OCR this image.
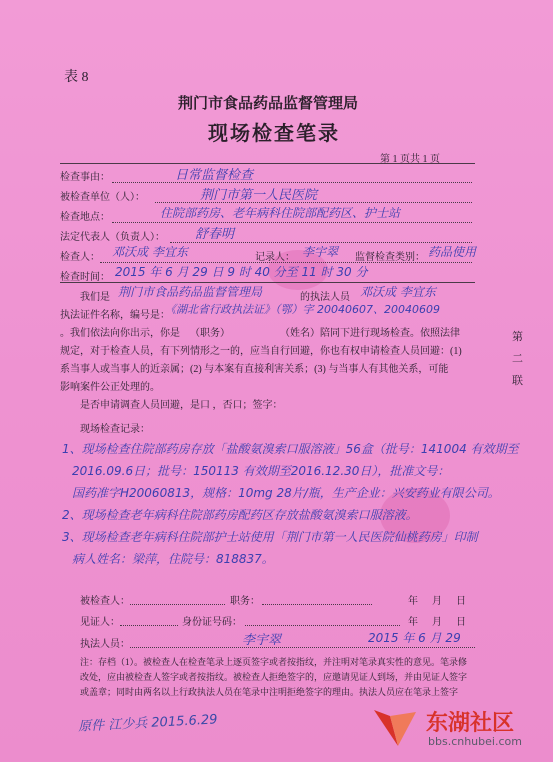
表 8
荆门市食品药品监督管理局
现场检查笔录
第 1 页共 1 页
检查事由：	日常监督检查
被检查单位（人）：	荆门市第一人民医院
检查地点：	住院部药房、老年病科住院部配药区、护士站
法定代表人（负责人）： 舒春明
检查人： 邓沃成 李宜东	记录人： 李宇翠 监督检查类别： 药品使用
检查时间： 2015 年 6 月 29 日 9 时 40 分至 11 时 30 分
我们是 荆门市食品药品监督管理局	的执法人员 邓沃成 李宜东
执法证件名称，编号是：
《湖北省行政执法证》（鄂）字 20040607、20040609
。我们依法向你出示，你是 （职务）	（姓名）陪同下进行现场检查。依照法律
规定，对于检查人员，有下列情形之一的，应当自行回避，你也有权申请检查人员回避：(1)
系当事人或当事人的近亲属；(2) 与本案有直接利害关系；(3) 与当事人有其他关系，可能
影响案件公正处理的。
是否申请调查人员回避，是口 ，否口；签字：
第
二
联
现场检查记录：
1、现场检查住院部药房存放「盐酸氨溴索口服溶液」56盒（批号：141004 有效期至
2016.09.6日；批号：150113 有效期至2016.12.30日），批准文号：
国药准字H20060813，规格：10mg 28片/瓶，生产企业：兴安药业有限公司。
2、现场检查老年病科住院部药房配药区存放盐酸氨溴索口服溶液。
3、现场检查老年病科住院部护士站使用「荆门市第一人民医院仙桃药房」印制
病人姓名：梁萍，住院号：818837。
被检查人：	职务：	年 月 日
见证人：	身份证号码：	年 月 日
执法人员：	李宇翠	2015 年 6 月 29
注：存档（1）。被检查人在检查笔录上逐页签字或者按指纹，并注明对笔录真实性的意见。笔录修
改处，应由被检查人签字或者按指纹。被检查人拒绝签字的，应邀请见证人到场，并由见证人签字
或盖章；同时由两名以上行政执法人员在笔录中注明拒绝签字的理由。执法人员应在笔录上签字
原件 江少兵 2015.6.29	东湖社区
bbs.cnhubei.com
